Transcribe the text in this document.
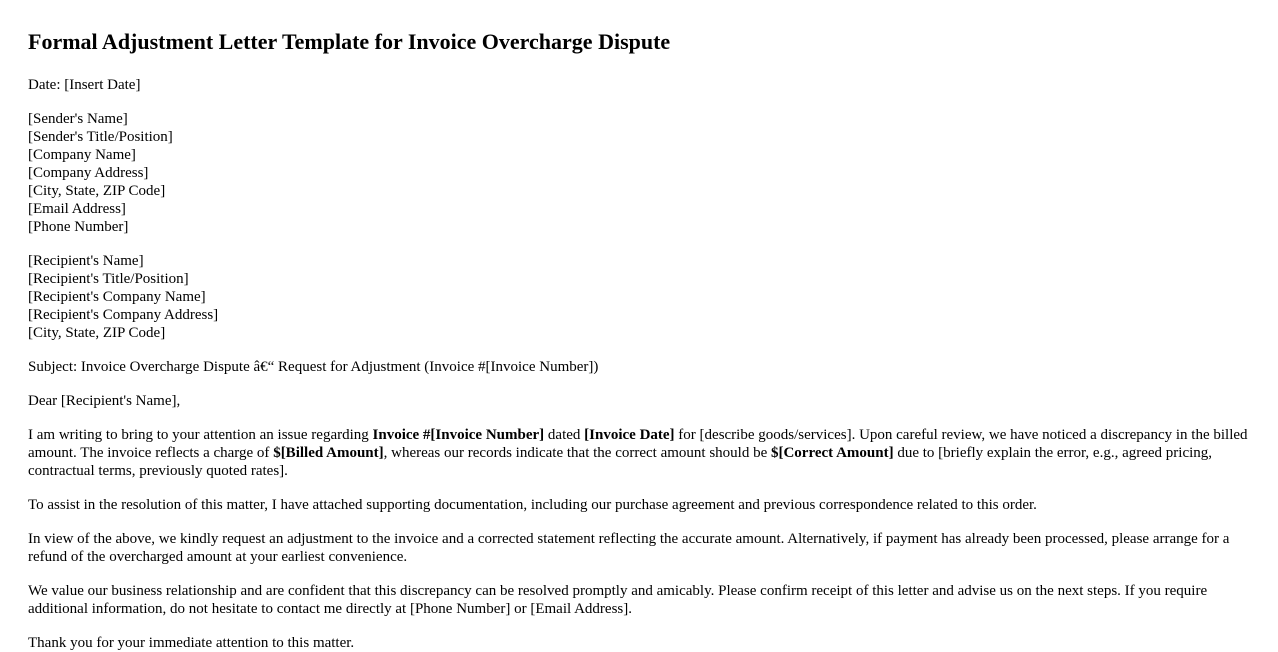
Formal Adjustment Letter Template for Invoice Overcharge Dispute

Date: [Insert Date]

[Sender's Name]
[Sender's Title/Position]
[Company Name]
[Company Address]
[City, State, ZIP Code]
[Email Address]
[Phone Number]

[Recipient's Name]
[Recipient's Title/Position]
[Recipient's Company Name]
[Recipient's Company Address]
[City, State, ZIP Code]

Subject: Invoice Overcharge Dispute â€“ Request for Adjustment (Invoice #[Invoice Number])

Dear [Recipient's Name],

I am writing to bring to your attention an issue regarding Invoice #[Invoice Number] dated [Invoice Date] for [describe goods/services]. Upon careful review, we have noticed a discrepancy in the billed amount. The invoice reflects a charge of $[Billed Amount], whereas our records indicate that the correct amount should be $[Correct Amount] due to [briefly explain the error, e.g., agreed pricing, contractual terms, previously quoted rates].

To assist in the resolution of this matter, I have attached supporting documentation, including our purchase agreement and previous correspondence related to this order.

In view of the above, we kindly request an adjustment to the invoice and a corrected statement reflecting the accurate amount. Alternatively, if payment has already been processed, please arrange for a refund of the overcharged amount at your earliest convenience.

We value our business relationship and are confident that this discrepancy can be resolved promptly and amicably. Please confirm receipt of this letter and advise us on the next steps. If you require additional information, do not hesitate to contact me directly at [Phone Number] or [Email Address].

Thank you for your immediate attention to this matter.
